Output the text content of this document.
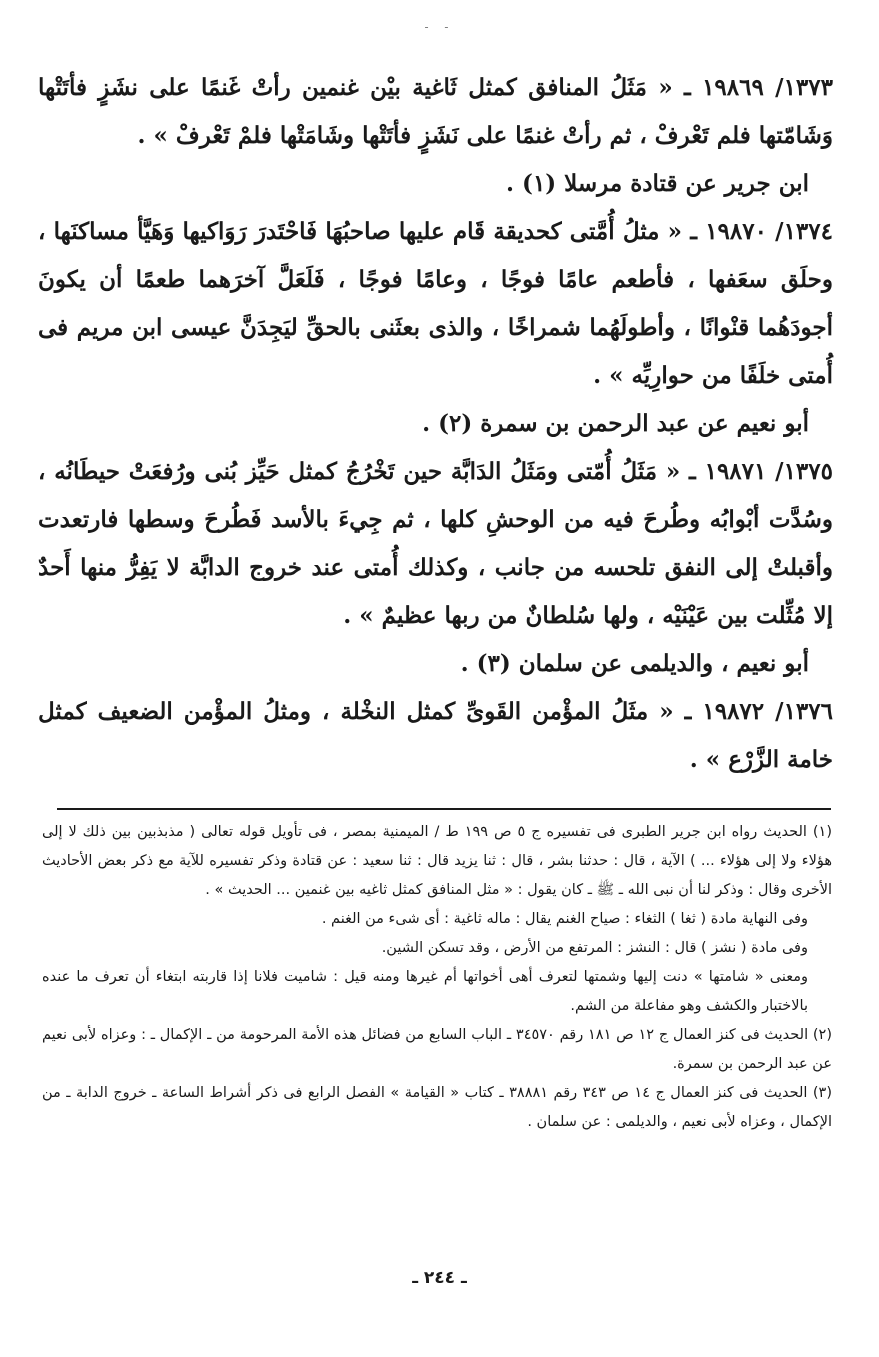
- -

١٣٧٣/ ١٩٨٦٩ ـ « مَثَلُ المنافق كمثل ثَاغية بيْن غنمين رأتْ غَنمًا على نشَزٍ فأتَتْها وَشَامّتها فلم تَعْرفْ ، ثم رأتْ غنمًا على نَشَزٍ فأتَتْها وشَامَتْها فلمْ تَعْرفْ » .

ابن جرير عن قتادة مرسلا (١) .

١٣٧٤/ ١٩٨٧٠ ـ « مثلُ أُمَّتى كحديقة قَام عليها صاحبُهَا فَاحْتَدرَ رَوَاكيها وَهَيَّأ مساكنَها ، وحلَق سعَفها ، فأطعم عامًا فوجًا ، وعامًا فوجًا ، فَلَعَلَّ آخرَهما طعمًا أن يكونَ أجودَهُما قنْوانًا ، وأطولَهُما شمراخًا ، والذى بعثَنى بالحقِّ ليَجِدَنَّ عيسى ابن مريم فى أُمتى خلَفًا من حوارِيِّه » .

أبو نعيم عن عبد الرحمن بن سمرة (٢) .

١٣٧٥/ ١٩٨٧١ ـ « مَثَلُ أُمّتى ومَثَلُ الدَابَّة حين تَخْرُجُ كمثل حَيِّز بُنى ورُفعَتْ حيطَانُه ، وسُدَّت أبْوابُه وطُرحَ فيه من الوحشِ كلها ، ثم جِيءَ بالأسد فَطُرحَ وسطها فارتعدت وأقبلتْ إلى النفق تلحسه من جانب ، وكذلك أُمتى عند خروج الدابَّة لا يَفِرُّ منها أَحدٌ إلا مُثِّلت بين عَيْنَيْه ، ولها سُلطانٌ من ربها عظيمٌ » .

أبو نعيم ، والديلمى عن سلمان (٣) .

١٣٧٦/ ١٩٨٧٢ ـ « مثَلُ المؤْمن القَوىِّ كمثل النخْلة ، ومثلُ المؤْمن الضعيف كمثل خامة الزَّرْع » .

(١) الحديث رواه ابن جرير الطبرى فى تفسيره ج ٥ ص ١٩٩ ط / الميمنية بمصر ، فى تأويل قوله تعالى ( مذبذبين بين ذلك لا إلى هؤلاء ولا إلى هؤلاء ... ) الآية ، قال : حدثنا بشر ، قال : ثنا يزيد قال : ثنا سعيد : عن قتادة وذكر تفسيره للآية مع ذكر بعض الأحاديث الأخرى وقال : وذكر لنا أن نبى الله ـ ﷺ ـ كان يقول : « مثل المنافق كمثل ثاغيه بين غنمين ... الحديث » .

وفى النهاية مادة ( ثغا ) الثغاء : صياح الغنم يقال : ماله ثاغية : أى شىء من الغنم .

وفى مادة ( نشز ) قال : النشز : المرتفع من الأرض ، وقد تسكن الشين.

ومعنى « شامتها » دنت إليها وشمتها لتعرف أهى أخواتها أم غيرها ومنه قيل : شاميت فلانا إذا قاربته ابتغاء أن تعرف ما عنده بالاختبار والكشف وهو مفاعلة من الشم.

(٢) الحديث فى كنز العمال ج ١٢ ص ١٨١ رقم ٣٤٥٧٠ ـ الباب السابع من فضائل هذه الأمة المرحومة من ـ الإكمال ـ : وعزاه لأبى نعيم عن عبد الرحمن بن سمرة.

(٣) الحديث فى كنز العمال ج ١٤ ص ٣٤٣ رقم ٣٨٨٨١ ـ كتاب « القيامة » الفصل الرابع فى ذكر أشراط الساعة ـ خروج الدابة ـ من الإكمال ، وعزاه لأبى نعيم ، والديلمى : عن سلمان .

ـ ٢٤٤ ـ
